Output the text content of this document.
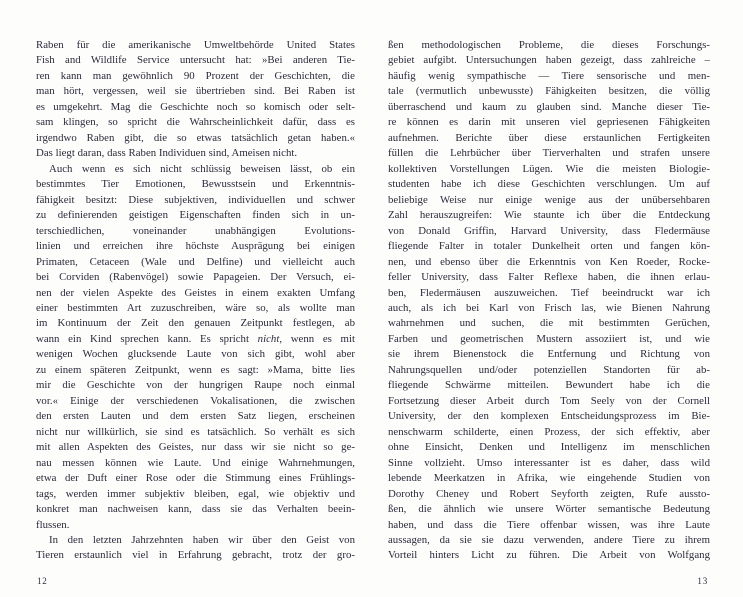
Raben für die amerikanische Umweltbehörde United States
Fish and Wildlife Service untersucht hat: »Bei anderen Tie-
ren kann man gewöhnlich 90 Prozent der Geschichten, die
man hört, vergessen, weil sie übertrieben sind. Bei Raben ist
es umgekehrt. Mag die Geschichte noch so komisch oder selt-
sam klingen, so spricht die Wahrscheinlichkeit dafür, dass es
irgendwo Raben gibt, die so etwas tatsächlich getan haben.«
Das liegt daran, dass Raben Individuen sind, Ameisen nicht.
Auch wenn es sich nicht schlüssig beweisen lässt, ob ein
bestimmtes Tier Emotionen, Bewusstsein und Erkenntnis-
fähigkeit besitzt: Diese subjektiven, individuellen und schwer
zu definierenden geistigen Eigenschaften finden sich in un-
terschiedlichen, voneinander unabhängigen Evolutions-
linien und erreichen ihre höchste Ausprägung bei einigen
Primaten, Cetaceen (Wale und Delfine) und vielleicht auch
bei Corviden (Rabenvögel) sowie Papageien. Der Versuch, ei-
nen der vielen Aspekte des Geistes in einem exakten Umfang
einer bestimmten Art zuzuschreiben, wäre so, als wollte man
im Kontinuum der Zeit den genauen Zeitpunkt festlegen, ab
wann ein Kind sprechen kann. Es spricht nicht, wenn es mit
wenigen Wochen glucksende Laute von sich gibt, wohl aber
zu einem späteren Zeitpunkt, wenn es sagt: »Mama, bitte lies
mir die Geschichte von der hungrigen Raupe noch einmal
vor.« Einige der verschiedenen Vokalisationen, die zwischen
den ersten Lauten und dem ersten Satz liegen, erscheinen
nicht nur willkürlich, sie sind es tatsächlich. So verhält es sich
mit allen Aspekten des Geistes, nur dass wir sie nicht so ge-
nau messen können wie Laute. Und einige Wahrnehmungen,
etwa der Duft einer Rose oder die Stimmung eines Frühlings-
tags, werden immer subjektiv bleiben, egal, wie objektiv und
konkret man nachweisen kann, dass sie das Verhalten beein-
flussen.
In den letzten Jahrzehnten haben wir über den Geist von
Tieren erstaunlich viel in Erfahrung gebracht, trotz der gro-
12
ßen methodologischen Probleme, die dieses Forschungs-
gebiet aufgibt. Untersuchungen haben gezeigt, dass zahlreiche –
häufig wenig sympathische — Tiere sensorische und men-
tale (vermutlich unbewusste) Fähigkeiten besitzen, die völlig
überraschend und kaum zu glauben sind. Manche dieser Tie-
re können es darin mit unseren viel gepriesenen Fähigkeiten
aufnehmen. Berichte über diese erstaunlichen Fertigkeiten
füllen die Lehrbücher über Tierverhalten und strafen unsere
kollektiven Vorstellungen Lügen. Wie die meisten Biologie-
studenten habe ich diese Geschichten verschlungen. Um auf
beliebige Weise nur einige wenige aus der unübersehbaren
Zahl herauszugreifen: Wie staunte ich über die Entdeckung
von Donald Griffin, Harvard University, dass Fledermäuse
fliegende Falter in totaler Dunkelheit orten und fangen kön-
nen, und ebenso über die Erkenntnis von Ken Roeder, Rocke-
feller University, dass Falter Reflexe haben, die ihnen erlau-
ben, Fledermäusen auszuweichen. Tief beeindruckt war ich
auch, als ich bei Karl von Frisch las, wie Bienen Nahrung
wahrnehmen und suchen, die mit bestimmten Gerüchen,
Farben und geometrischen Mustern assoziiert ist, und wie
sie ihrem Bienenstock die Entfernung und Richtung von
Nahrungsquellen und/oder potenziellen Standorten für ab-
fliegende Schwärme mitteilen. Bewundert habe ich die
Fortsetzung dieser Arbeit durch Tom Seely von der Cornell
University, der den komplexen Entscheidungsprozess im Bie-
nenschwarm schilderte, einen Prozess, der sich effektiv, aber
ohne Einsicht, Denken und Intelligenz im menschlichen
Sinne vollzieht. Umso interessanter ist es daher, dass wild
lebende Meerkatzen in Afrika, wie eingehende Studien von
Dorothy Cheney und Robert Seyforth zeigten, Rufe aussto-
ßen, die ähnlich wie unsere Wörter semantische Bedeutung
haben, und dass die Tiere offenbar wissen, was ihre Laute
aussagen, da sie sie dazu verwenden, andere Tiere zu ihrem
Vorteil hinters Licht zu führen. Die Arbeit von Wolfgang
13
